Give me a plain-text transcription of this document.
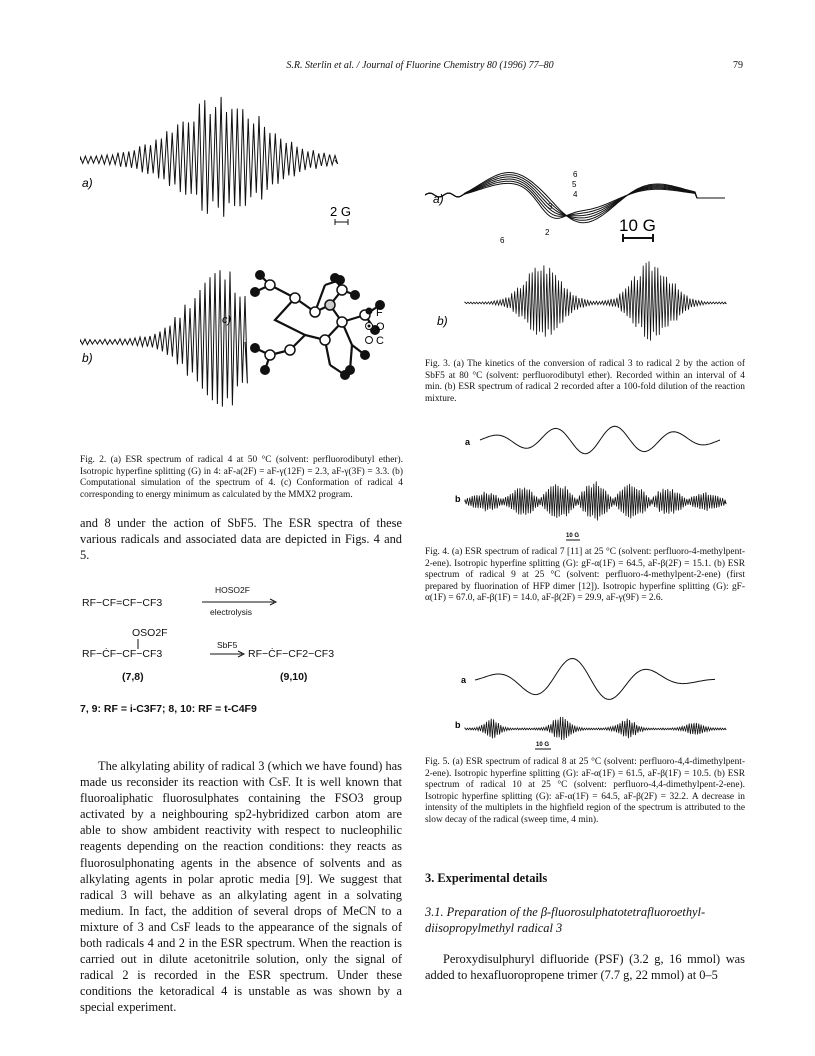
S.R. Sterlin et al. / Journal of Fluorine Chemistry 80 (1996) 77–80	79
a)
2 G
b)
c)
F
O
C
Fig. 2. (a) ESR spectrum of radical 4 at 50 °C (solvent: perfluorodibutyl ether). Isotropic hyperfine splitting (G) in 4: aF-a(2F) = aF-γ(12F) = 2.3, aF-γ(3F) = 3.3. (b) Computational simulation of the spectrum of 4. (c) Conformation of radical 4 corresponding to energy minimum as calculated by the MMX2 program.
and 8 under the action of SbF5. The ESR spectra of these various radicals and associated data are depicted in Figs. 4 and 5.
RF−CF=CF−CF3
HOSO2F
electrolysis
OSO2F
RF−ĊF−CF−CF3
SbF5
RF−ĊF−CF2−CF3
(7,8)	(9,10)
7, 9: RF = i-C3F7; 8, 10: RF = t-C4F9
The alkylating ability of radical 3 (which we have found) has made us reconsider its reaction with CsF. It is well known that fluoroaliphatic fluorosulphates containing the FSO3 group activated by a neighbouring sp2-hybridized carbon atom are able to show ambident reactivity with respect to nucleophilic reagents depending on the reaction conditions: they reacts as fluorosulphonating agents in the absence of solvents and as alkylating agents in polar aprotic media [9]. We suggest that radical 3 will behave as an alkylating agent in a solvating medium. In fact, the addition of several drops of MeCN to a mixture of 3 and CsF leads to the appearance of the signals of both radicals 4 and 2 in the ESR spectrum. When the reaction is carried out in dilute acetonitrile solution, only the signal of radical 2 is recorded in the ESR spectrum. Under these conditions the ketoradical 4 is unstable as was shown by a special experiment.
a)
6
5
4
3
2
6
10 G
b)
Fig. 3. (a) The kinetics of the conversion of radical 3 to radical 2 by the action of SbF5 at 80 °C (solvent: perfluorodibutyl ether). Recorded within an interval of 4 min. (b) ESR spectrum of radical 2 recorded after a 100-fold dilution of the reaction mixture.
a
b
10 G
Fig. 4. (a) ESR spectrum of radical 7 [11] at 25 °C (solvent: perfluoro-4-methylpent-2-ene). Isotropic hyperfine splitting (G): gF-α(1F) = 64.5, aF-β(2F) = 15.1. (b) ESR spectrum of radical 9 at 25 °C (solvent: perfluoro-4-methylpent-2-ene) (first prepared by fluorination of HFP dimer [12]). Isotropic hyperfine splitting (G): gF-α(1F) = 67.0, aF-β(1F) = 14.0, aF-β(2F) = 29.9, aF-γ(9F) = 2.6.
a
b
10 G
Fig. 5. (a) ESR spectrum of radical 8 at 25 °C (solvent: perfluoro-4,4-dimethylpent-2-ene). Isotropic hyperfine splitting (G): aF-α(1F) = 61.5, aF-β(1F) = 10.5. (b) ESR spectrum of radical 10 at 25 °C (solvent: perfluoro-4,4-dimethylpent-2-ene). Isotropic hyperfine splitting (G): aF-α(1F) = 64.5, aF-β(2F) = 32.2. A decrease in intensity of the multiplets in the highfield region of the spectrum is attributed to the slow decay of the radical (sweep time, 4 min).
3. Experimental details
3.1. Preparation of the β-fluorosulphatotetrafluoroethyl-diisopropylmethyl radical 3
Peroxydisulphuryl difluoride (PSF) (3.2 g, 16 mmol) was added to hexafluoropropene trimer (7.7 g, 22 mmol) at 0–5
